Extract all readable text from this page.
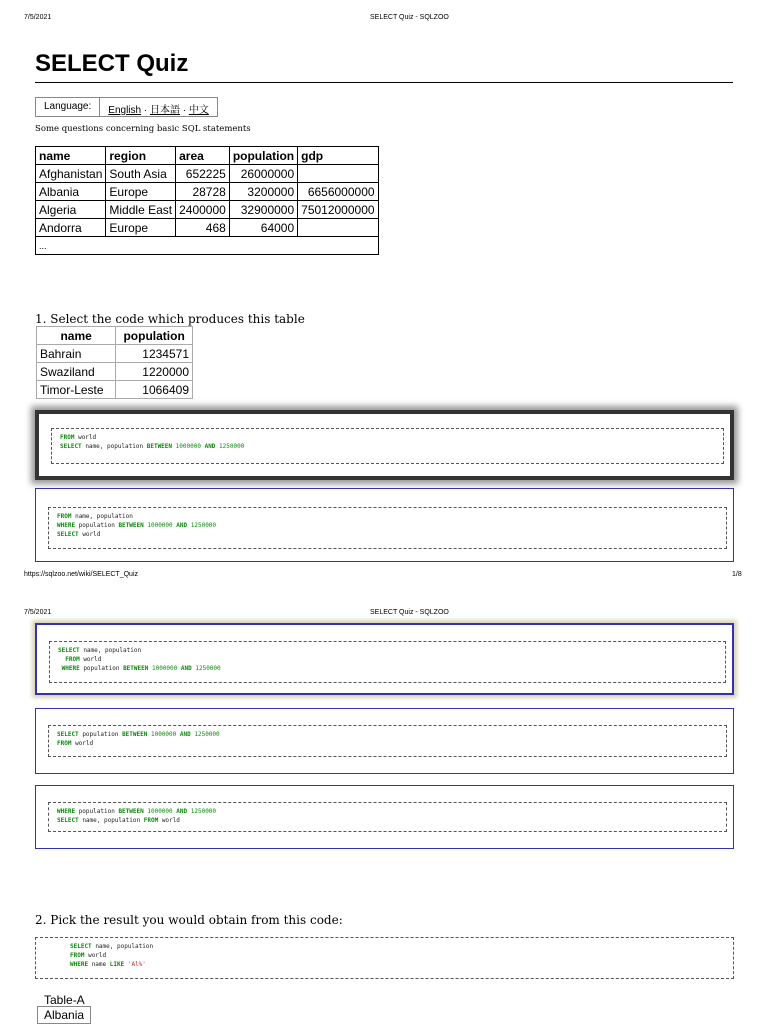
7/5/2021	SELECT Quiz - SQLZOO
SELECT Quiz
Language:	English · 日本語 · 中文
Some questions concerning basic SQL statements
name	region	area	population	gdp
Afghanistan	South Asia	652225	26000000	
Albania	Europe	28728	3200000	6656000000
Algeria	Middle East	2400000	32900000	75012000000
Andorra	Europe	468	64000	
...				
1. Select the code which produces this table
name	population
Bahrain	1234571
Swaziland	1220000
Timor-Leste	1066409
FROM world
SELECT name, population BETWEEN 1000000 AND 1250000
FROM name, population
WHERE population BETWEEN 1000000 AND 1250000
SELECT world
https://sqlzoo.net/wiki/SELECT_Quiz	1/8
7/5/2021	SELECT Quiz - SQLZOO
SELECT name, population
FROM world
WHERE population BETWEEN 1000000 AND 1250000
SELECT population BETWEEN 1000000 AND 1250000
FROM world
WHERE population BETWEEN 1000000 AND 1250000
SELECT name, population FROM world
2. Pick the result you would obtain from this code:
SELECT name, population
FROM world
WHERE name LIKE 'Al%'
Table-A
Albania
